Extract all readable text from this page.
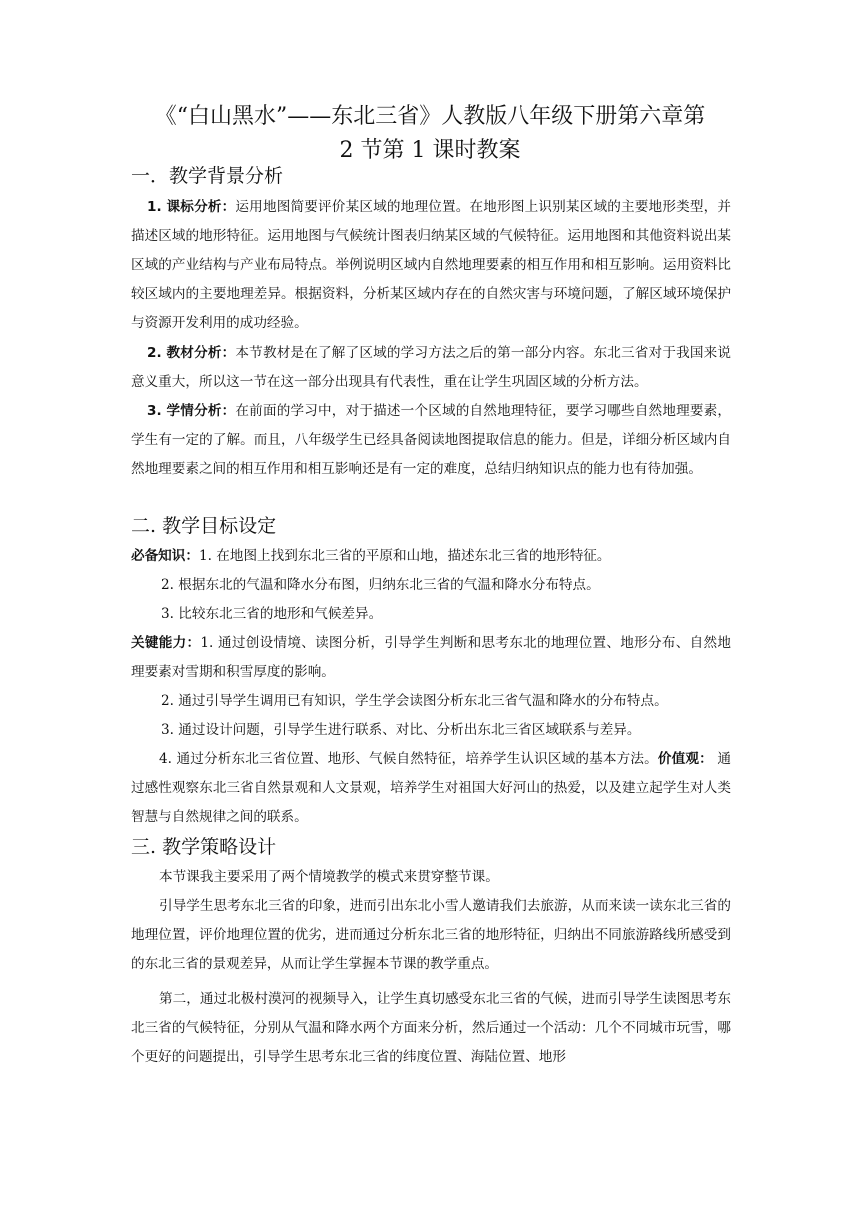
《“白山黑水”——东北三省》人教版八年级下册第六章第
2 节第 1 课时教案
一．教学背景分析
1. 课标分析：运用地图简要评价某区域的地理位置。在地形图上识别某区域的主要地形类型，并描述区域的地形特征。运用地图与气候统计图表归纳某区域的气候特征。运用地图和其他资料说出某区域的产业结构与产业布局特点。举例说明区域内自然地理要素的相互作用和相互影响。运用资料比较区域内的主要地理差异。根据资料，分析某区域内存在的自然灾害与环境问题，了解区域环境保护与资源开发利用的成功经验。
2. 教材分析：本节教材是在了解了区域的学习方法之后的第一部分内容。东北三省对于我国来说意义重大，所以这一节在这一部分出现具有代表性，重在让学生巩固区域的分析方法。
3. 学情分析：在前面的学习中，对于描述一个区域的自然地理特征，要学习哪些自然地理要素，学生有一定的了解。而且，八年级学生已经具备阅读地图提取信息的能力。但是，详细分析区域内自然地理要素之间的相互作用和相互影响还是有一定的难度，总结归纳知识点的能力也有待加强。
二. 教学目标设定
必备知识：1. 在地图上找到东北三省的平原和山地，描述东北三省的地形特征。
2. 根据东北的气温和降水分布图，归纳东北三省的气温和降水分布特点。
3. 比较东北三省的地形和气候差异。
关键能力：1. 通过创设情境、读图分析，引导学生判断和思考东北的地理位置、地形分布、自然地理要素对雪期和积雪厚度的影响。
2. 通过引导学生调用已有知识，学生学会读图分析东北三省气温和降水的分布特点。
3. 通过设计问题，引导学生进行联系、对比、分析出东北三省区域联系与差异。
4. 通过分析东北三省位置、地形、气候自然特征，培养学生认识区域的基本方法。价值观： 通过感性观察东北三省自然景观和人文景观，培养学生对祖国大好河山的热爱，以及建立起学生对人类智慧与自然规律之间的联系。
三. 教学策略设计
本节课我主要采用了两个情境教学的模式来贯穿整节课。
引导学生思考东北三省的印象，进而引出东北小雪人邀请我们去旅游，从而来读一读东北三省的地理位置，评价地理位置的优劣，进而通过分析东北三省的地形特征，归纳出不同旅游路线所感受到的东北三省的景观差异，从而让学生掌握本节课的教学重点。
第二，通过北极村漠河的视频导入，让学生真切感受东北三省的气候，进而引导学生读图思考东北三省的气候特征，分别从气温和降水两个方面来分析，然后通过一个活动：几个不同城市玩雪，哪个更好的问题提出，引导学生思考东北三省的纬度位置、海陆位置、地形
